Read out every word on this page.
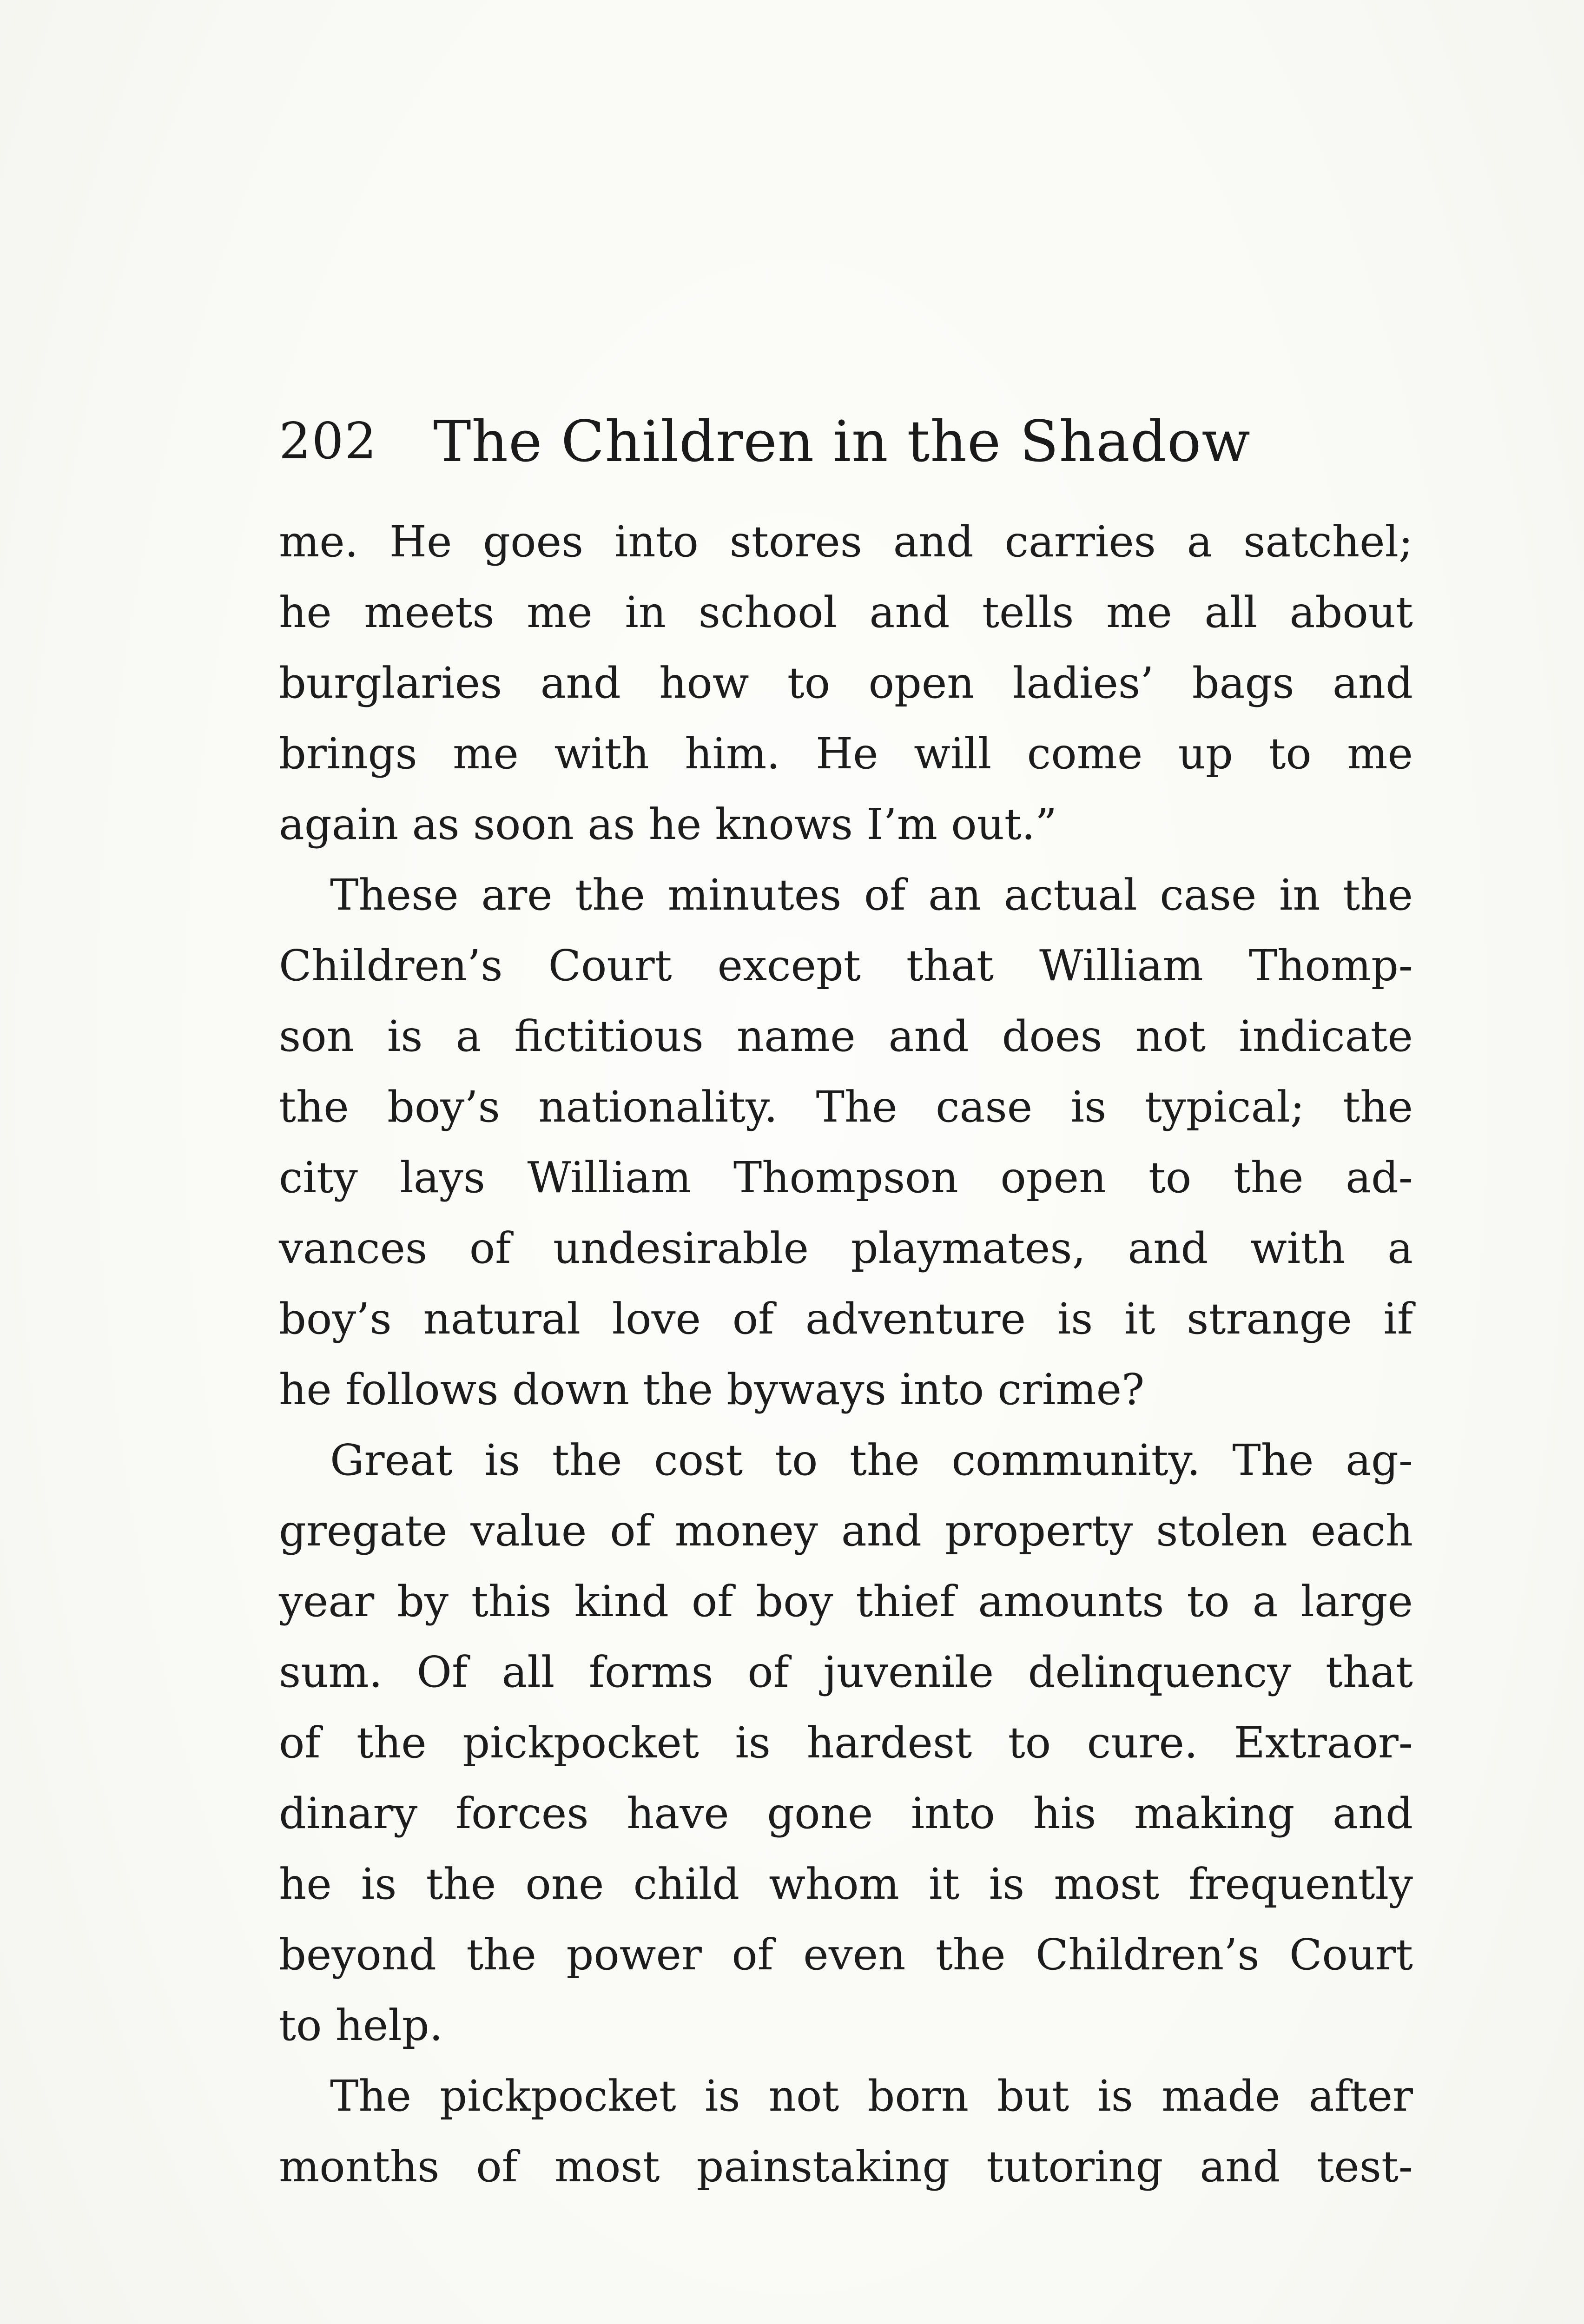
202 The Children in the Shadow
me. He goes into stores and carries a satchel;
he meets me in school and tells me all about
burglaries and how to open ladies’ bags and
brings me with him. He will come up to me
again as soon as he knows I’m out.”
These are the minutes of an actual case in the
Children’s Court except that William Thomp-
son is a fictitious name and does not indicate
the boy’s nationality. The case is typical; the
city lays William Thompson open to the ad-
vances of undesirable playmates, and with a
boy’s natural love of adventure is it strange if
he follows down the byways into crime?
Great is the cost to the community. The ag-
gregate value of money and property stolen each
year by this kind of boy thief amounts to a large
sum. Of all forms of juvenile delinquency that
of the pickpocket is hardest to cure. Extraor-
dinary forces have gone into his making and
he is the one child whom it is most frequently
beyond the power of even the Children’s Court
to help.
The pickpocket is not born but is made after
months of most painstaking tutoring and test-
